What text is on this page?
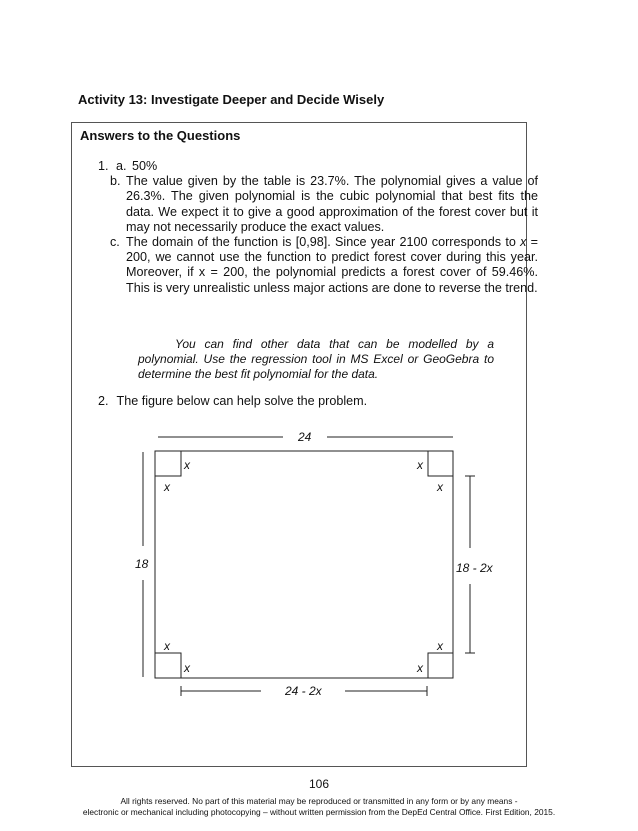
Activity 13: Investigate Deeper and Decide Wisely
Answers to the Questions
1. a. 50%
b. The value given by the table is 23.7%. The polynomial gives a value of 26.3%. The given polynomial is the cubic polynomial that best fits the data. We expect it to give a good approximation of the forest cover but it may not necessarily produce the exact values.
c. The domain of the function is [0,98]. Since year 2100 corresponds to x = 200, we cannot use the function to predict forest cover during this year. Moreover, if x = 200, the polynomial predicts a forest cover of 59.46%. This is very unrealistic unless major actions are done to reverse the trend.
You can find other data that can be modelled by a polynomial. Use the regression tool in MS Excel or GeoGebra to determine the best fit polynomial for the data.
2. The figure below can help solve the problem.
24
18	18 - 2x
24 - 2x
x
x
x
x
x
x
x
x
106
All rights reserved. No part of this material may be reproduced or transmitted in any form or by any means -
electronic or mechanical including photocopying – without written permission from the DepEd Central Office. First Edition, 2015.
